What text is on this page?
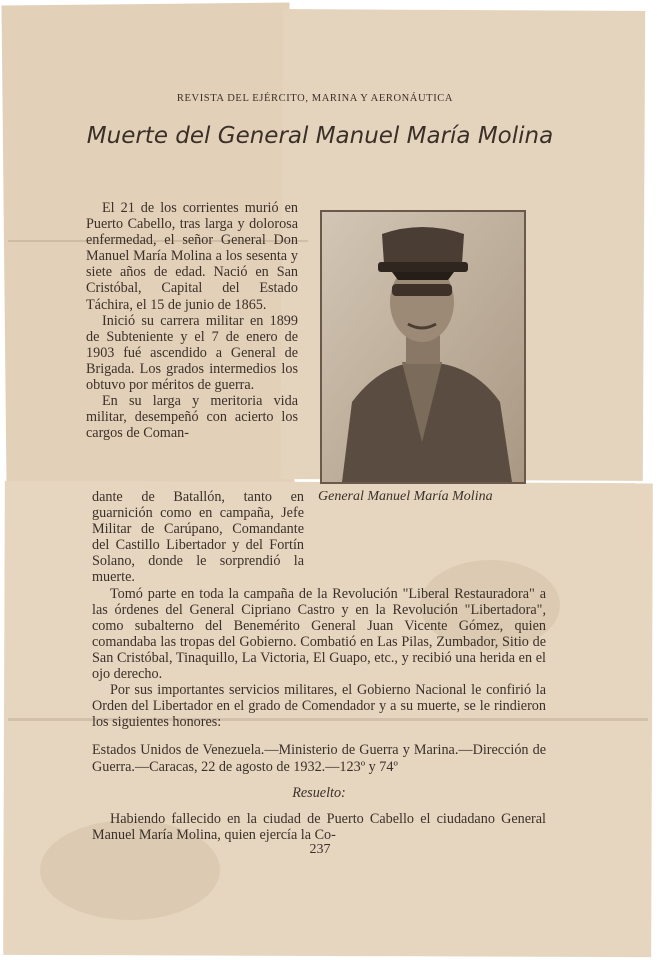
REVISTA DEL EJÉRCITO, MARINA Y AERONÁUTICA
Muerte del General Manuel María Molina

El 21 de los corrientes murió en Puerto Cabello, tras larga y dolorosa enfermedad, el señor General Don Manuel María Molina a los sesenta y siete años de edad. Nació en San Cristóbal, Capital del Estado Táchira, el 15 de junio de 1865.

Inició su carrera militar en 1899 de Subteniente y el 7 de enero de 1903 fué ascendido a General de Brigada. Los grados intermedios los obtuvo por méritos de guerra.

En su larga y meritoria vida militar, desempeñó con acierto los cargos de Coman-

General Manuel María Molina

dante de Batallón, tanto en guarnición como en campaña, Jefe Militar de Carúpano, Comandante del Castillo Libertador y del Fortín Solano, donde le sorprendió la muerte.

Tomó parte en toda la campaña de la Revolución "Liberal Restauradora" a las órdenes del General Cipriano Castro y en la Revolución "Libertadora", como subalterno del Benemérito General Juan Vicente Gómez, quien comandaba las tropas del Gobierno. Combatió en Las Pilas, Zumbador, Sitio de San Cristóbal, Tinaquillo, La Victoria, El Guapo, etc., y recibió una herida en el ojo derecho.

Por sus importantes servicios militares, el Gobierno Nacional le confirió la Orden del Libertador en el grado de Comendador y a su muerte, se le rindieron los siguientes honores:

Estados Unidos de Venezuela.—Ministerio de Guerra y Marina.—Dirección de Guerra.—Caracas, 22 de agosto de 1932.—123º y 74º

Resuelto:

Habiendo fallecido en la ciudad de Puerto Cabello el ciudadano General Manuel María Molina, quien ejercía la Co-

237
